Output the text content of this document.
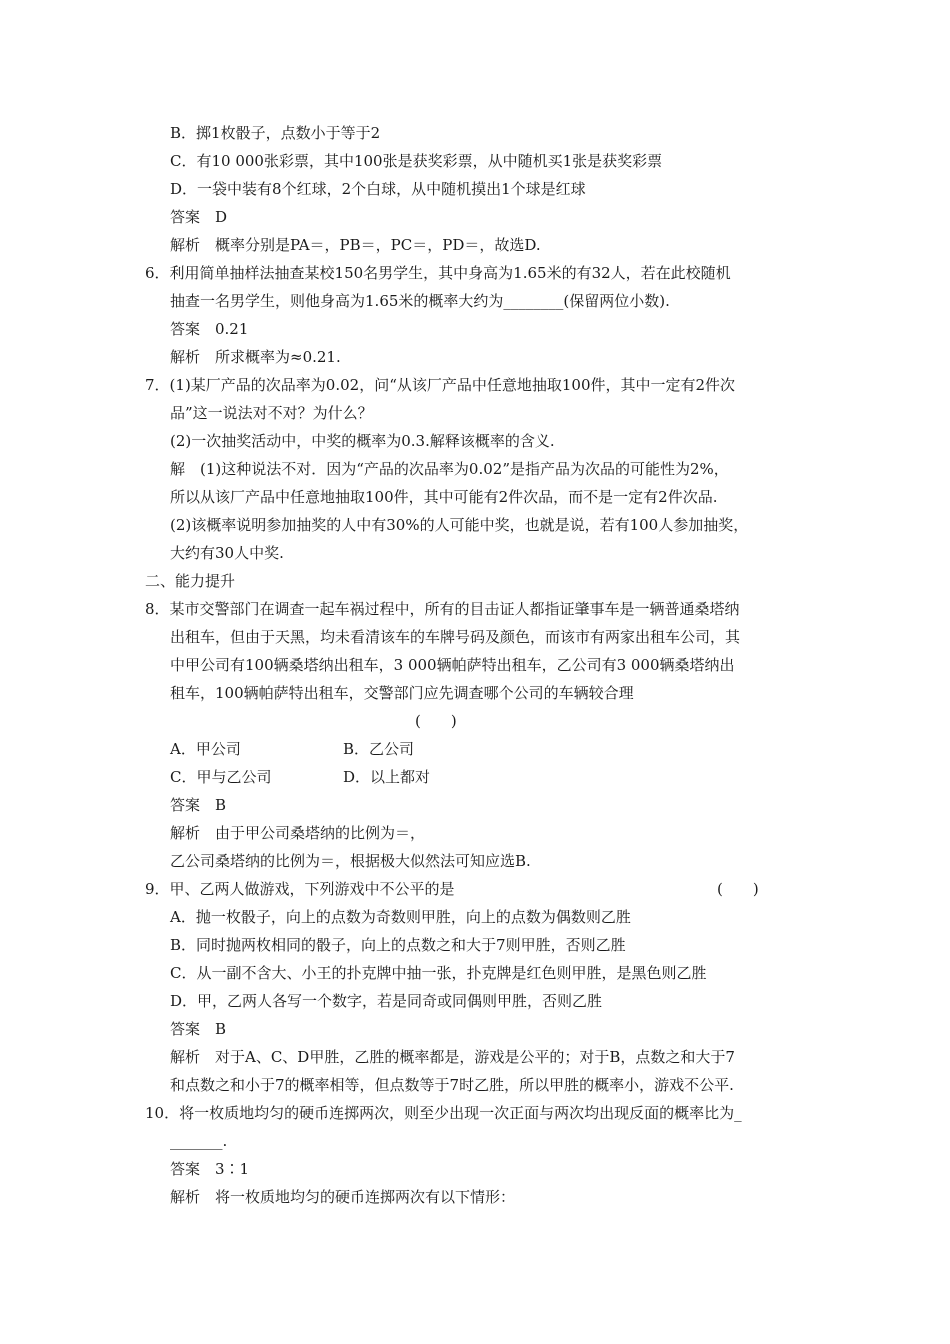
B．掷1枚骰子，点数小于等于2
C．有10 000张彩票，其中100张是获奖彩票，从中随机买1张是获奖彩票
D．一袋中装有8个红球，2个白球，从中随机摸出1个球是红球
答案　D
解析　概率分别是PA＝，PB＝，PC＝，PD＝，故选D.
6．利用简单抽样法抽查某校150名男学生，其中身高为1.65米的有32人，若在此校随机
抽查一名男学生，则他身高为1.65米的概率大约为________(保留两位小数).
答案　0.21
解析　所求概率为≈0.21.
7．(1)某厂产品的次品率为0.02，问“从该厂产品中任意地抽取100件，其中一定有2件次
品”这一说法对不对？为什么？
(2)一次抽奖活动中，中奖的概率为0.3.解释该概率的含义.
解　(1)这种说法不对．因为“产品的次品率为0.02”是指产品为次品的可能性为2%，
所以从该厂产品中任意地抽取100件，其中可能有2件次品，而不是一定有2件次品.
(2)该概率说明参加抽奖的人中有30%的人可能中奖，也就是说，若有100人参加抽奖，
大约有30人中奖.
二、能力提升
8．某市交警部门在调查一起车祸过程中，所有的目击证人都指证肇事车是一辆普通桑塔纳
出租车，但由于天黑，均未看清该车的车牌号码及颜色，而该市有两家出租车公司，其
中甲公司有100辆桑塔纳出租车，3 000辆帕萨特出租车，乙公司有3 000辆桑塔纳出
租车，100辆帕萨特出租车，交警部门应先调查哪个公司的车辆较合理
(　　)
A．甲公司	B．乙公司
C．甲与乙公司	D．以上都对
答案　B
解析　由于甲公司桑塔纳的比例为＝，
乙公司桑塔纳的比例为＝，根据极大似然法可知应选B.
9．甲、乙两人做游戏，下列游戏中不公平的是	(　　)
A．抛一枚骰子，向上的点数为奇数则甲胜，向上的点数为偶数则乙胜
B．同时抛两枚相同的骰子，向上的点数之和大于7则甲胜，否则乙胜
C．从一副不含大、小王的扑克牌中抽一张，扑克牌是红色则甲胜，是黑色则乙胜
D．甲，乙两人各写一个数字，若是同奇或同偶则甲胜，否则乙胜
答案　B
解析　对于A、C、D甲胜，乙胜的概率都是，游戏是公平的；对于B，点数之和大于7
和点数之和小于7的概率相等，但点数等于7时乙胜，所以甲胜的概率小，游戏不公平.
10．将一枚质地均匀的硬币连掷两次，则至少出现一次正面与两次均出现反面的概率比为_
_______.
答案　3∶1
解析　将一枚质地均匀的硬币连掷两次有以下情形：
